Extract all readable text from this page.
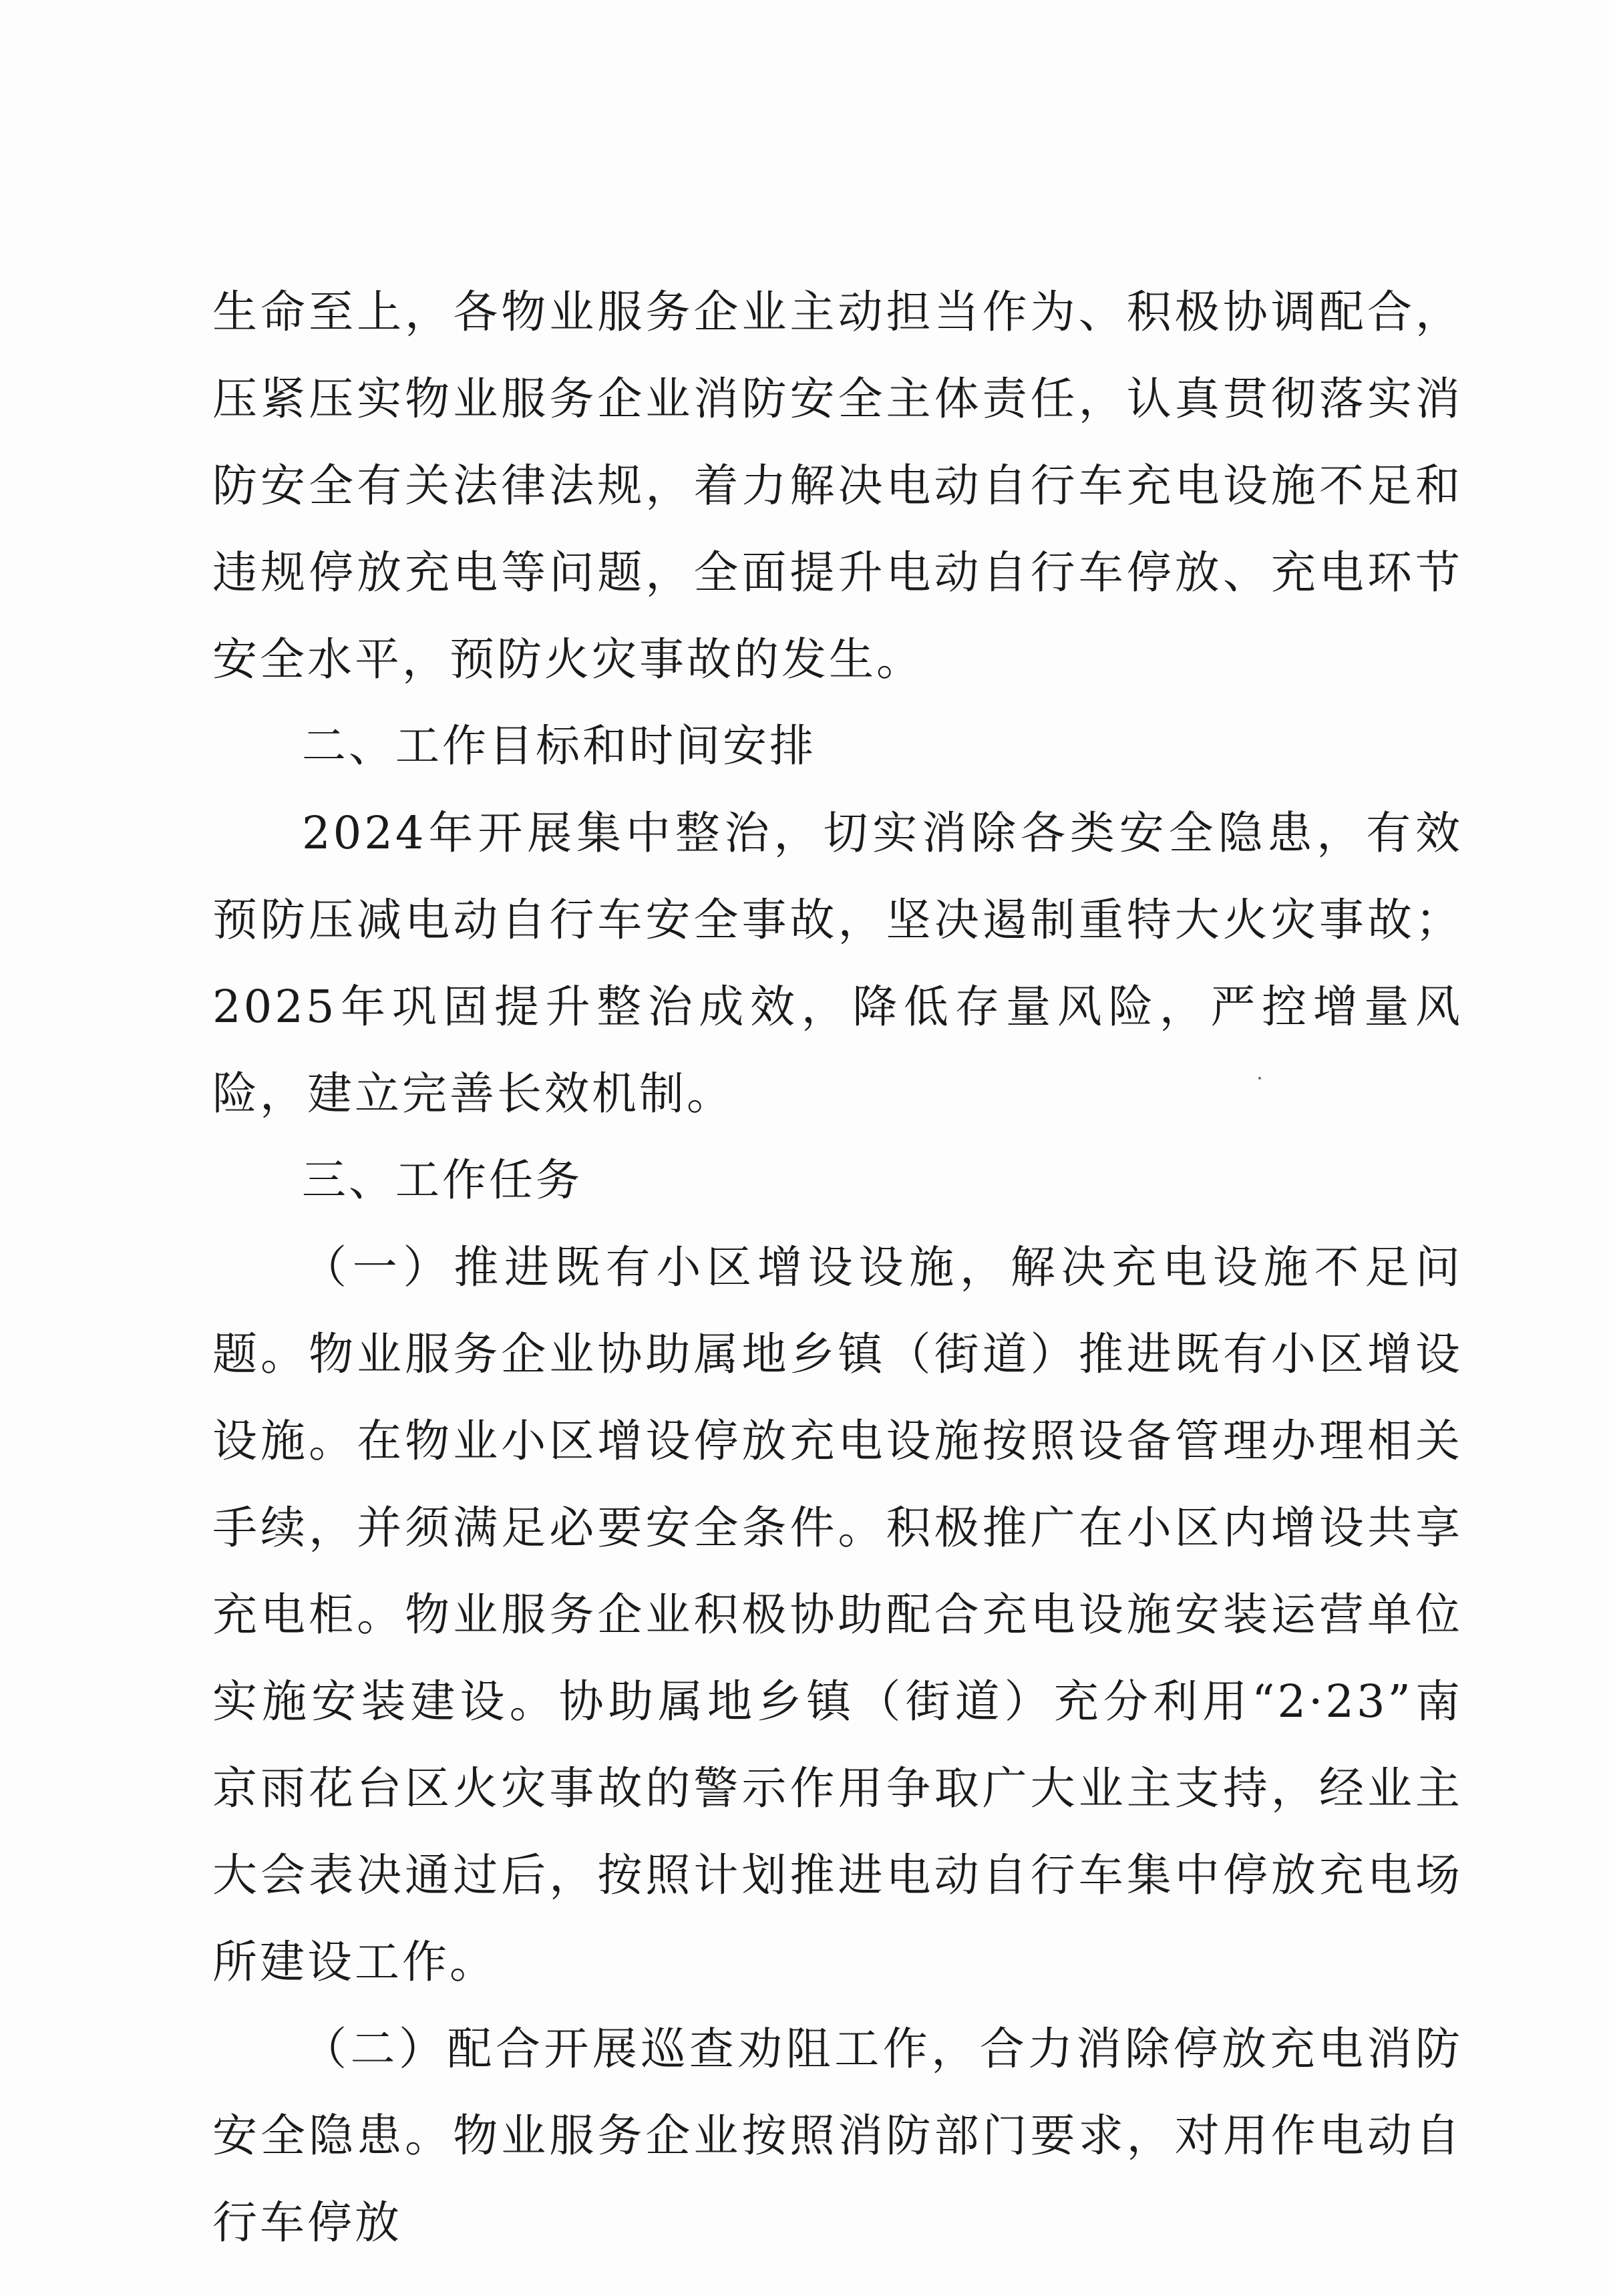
生命至上，各物业服务企业主动担当作为、积极协调配合，压紧压实物业服务企业消防安全主体责任，认真贯彻落实消防安全有关法律法规，着力解决电动自行车充电设施不足和违规停放充电等问题，全面提升电动自行车停放、充电环节安全水平，预防火灾事故的发生。

二、工作目标和时间安排

2024年开展集中整治，切实消除各类安全隐患，有效预防压减电动自行车安全事故，坚决遏制重特大火灾事故；2025年巩固提升整治成效，降低存量风险，严控增量风险，建立完善长效机制。

三、工作任务

（一）推进既有小区增设设施，解决充电设施不足问题。物业服务企业协助属地乡镇（街道）推进既有小区增设设施。在物业小区增设停放充电设施按照设备管理办理相关手续，并须满足必要安全条件。积极推广在小区内增设共享充电柜。物业服务企业积极协助配合充电设施安装运营单位实施安装建设。协助属地乡镇（街道）充分利用“2·23”南京雨花台区火灾事故的警示作用争取广大业主支持，经业主大会表决通过后，按照计划推进电动自行车集中停放充电场所建设工作。

（二）配合开展巡查劝阻工作，合力消除停放充电消防安全隐患。物业服务企业按照消防部门要求，对用作电动自行车停放
